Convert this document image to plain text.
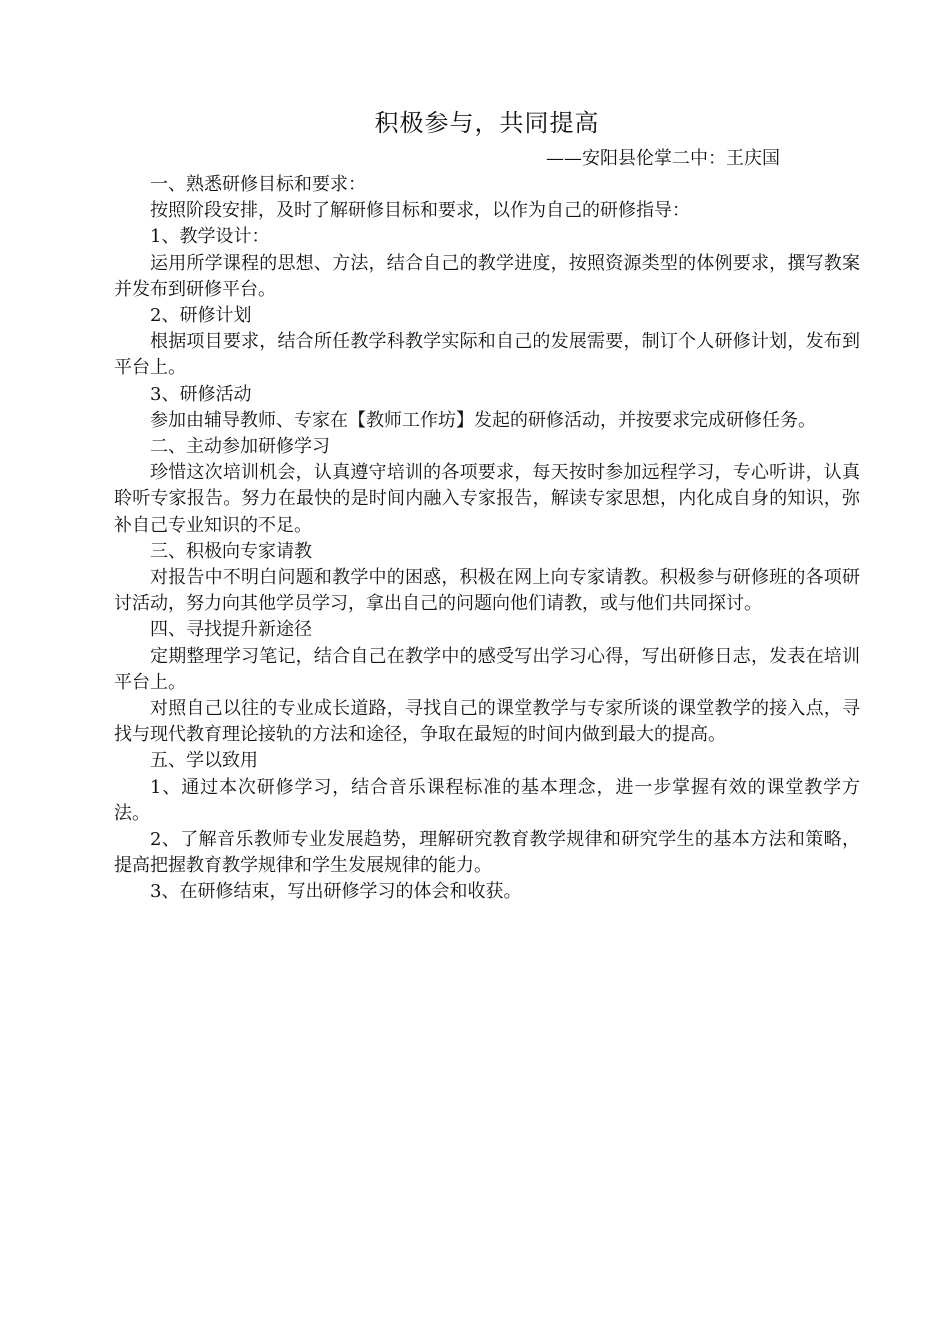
积极参与，共同提高
——安阳县伦掌二中：王庆国

一、熟悉研修目标和要求：

按照阶段安排，及时了解研修目标和要求，以作为自己的研修指导：

1、教学设计：

运用所学课程的思想、方法，结合自己的教学进度，按照资源类型的体例要求，撰写教案并发布到研修平台。

2、研修计划

根据项目要求，结合所任教学科教学实际和自己的发展需要，制订个人研修计划，发布到平台上。

3、研修活动

参加由辅导教师、专家在【教师工作坊】发起的研修活动，并按要求完成研修任务。

二、主动参加研修学习

珍惜这次培训机会，认真遵守培训的各项要求，每天按时参加远程学习，专心听讲，认真聆听专家报告。努力在最快的是时间内融入专家报告，解读专家思想，内化成自身的知识，弥补自己专业知识的不足。

三、积极向专家请教

对报告中不明白问题和教学中的困惑，积极在网上向专家请教。积极参与研修班的各项研讨活动，努力向其他学员学习，拿出自己的问题向他们请教，或与他们共同探讨。

四、寻找提升新途径

定期整理学习笔记，结合自己在教学中的感受写出学习心得，写出研修日志，发表在培训平台上。

对照自己以往的专业成长道路，寻找自己的课堂教学与专家所谈的课堂教学的接入点，寻找与现代教育理论接轨的方法和途径，争取在最短的时间内做到最大的提高。

五、学以致用

1、通过本次研修学习，结合音乐课程标准的基本理念，进一步掌握有效的课堂教学方法。

2、了解音乐教师专业发展趋势，理解研究教育教学规律和研究学生的基本方法和策略，提高把握教育教学规律和学生发展规律的能力。

3、在研修结束，写出研修学习的体会和收获。
